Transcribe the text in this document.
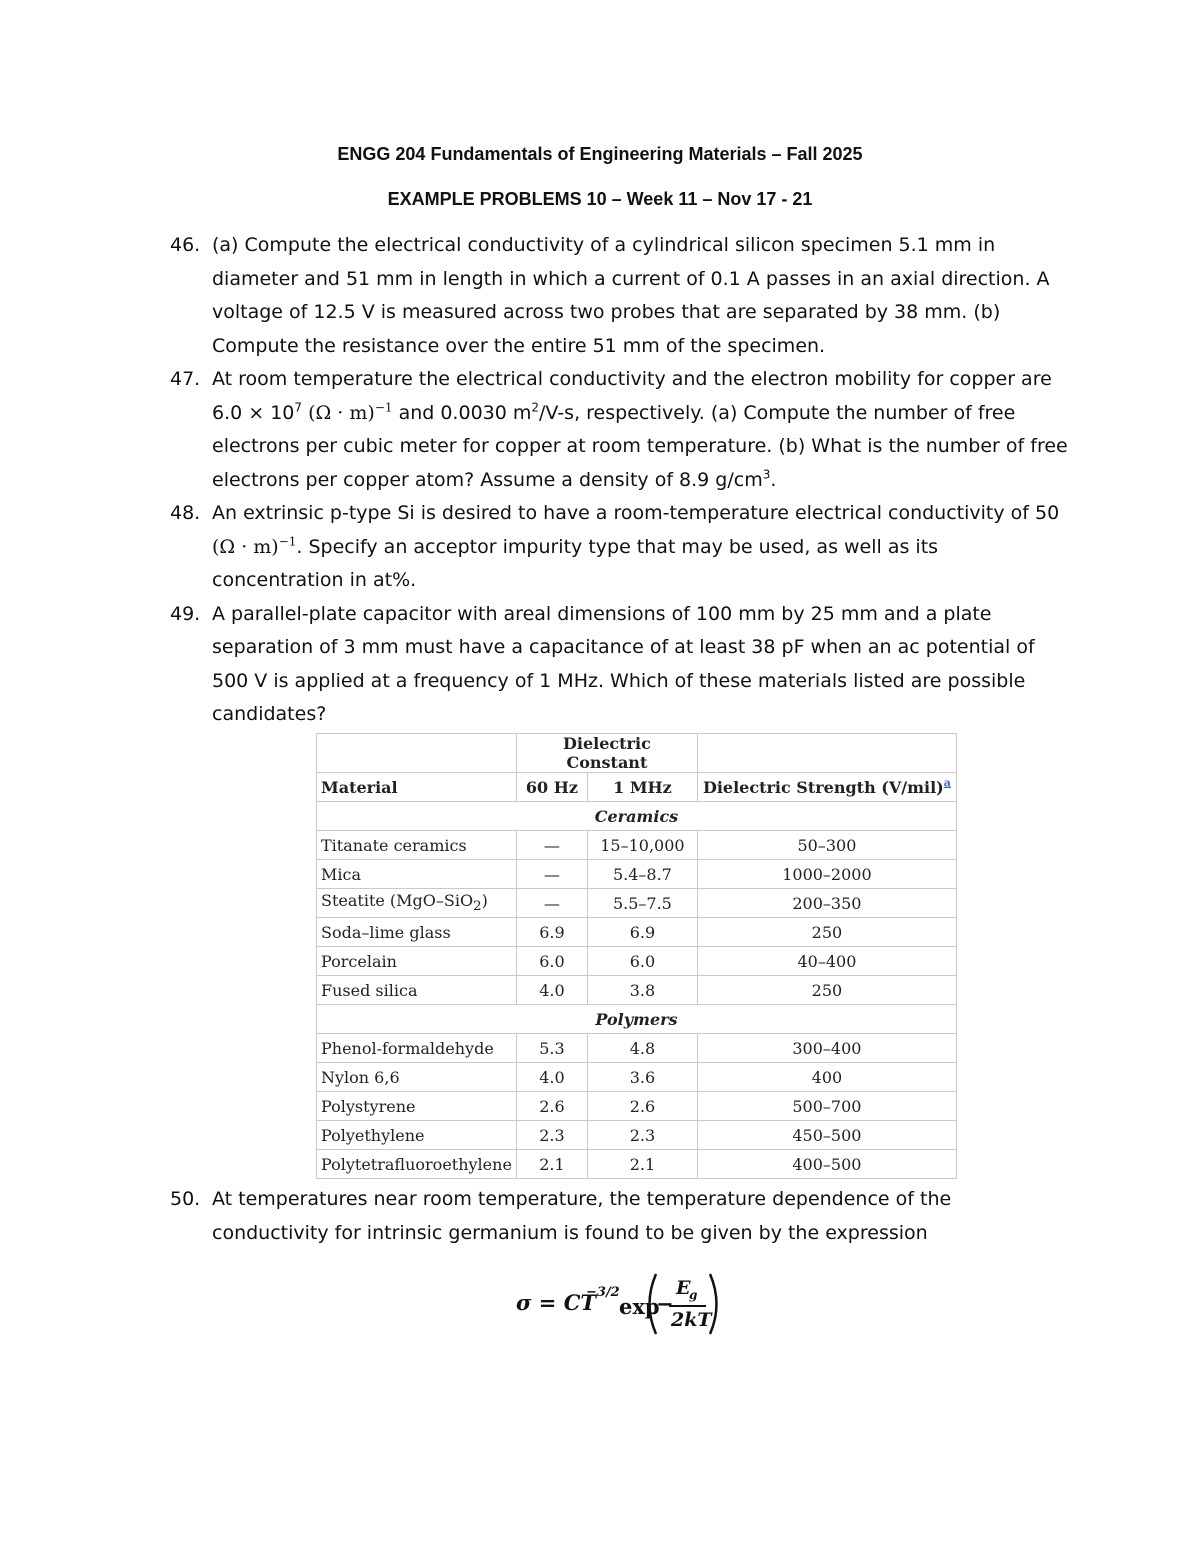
ENGG 204 Fundamentals of Engineering Materials – Fall 2025
EXAMPLE PROBLEMS 10 – Week 11 – Nov 17 - 21
46. (a) Compute the electrical conductivity of a cylindrical silicon specimen 5.1 mm in diameter and 51 mm in length in which a current of 0.1 A passes in an axial direction. A voltage of 12.5 V is measured across two probes that are separated by 38 mm. (b) Compute the resistance over the entire 51 mm of the specimen.
47. At room temperature the electrical conductivity and the electron mobility for copper are $6.0 \times 10^7$ $(\Omega \cdot m)^{-1}$ and 0.0030 $m^2/V-s$, respectively. (a) Compute the number of free electrons per cubic meter for copper at room temperature. (b) What is the number of free electrons per copper atom? Assume a density of 8.9 $g/cm^3$.
48. An extrinsic p-type Si is desired to have a room-temperature electrical conductivity of 50 $(\Omega \cdot m)^{-1}$. Specify an acceptor impurity type that may be used, as well as its concentration in at%.
49. A parallel-plate capacitor with areal dimensions of 100 mm by 25 mm and a plate separation of 3 mm must have a capacitance of at least 38 pF when an ac potential of 500 V is applied at a frequency of 1 MHz. Which of these materials listed are possible candidates?
	Dielectric Constant		
Material	60 Hz	1 MHz	Dielectric Strength (V/mil)$^a$
Ceramics			
Titanate ceramics	—	15–10,000	50–300
Mica	—	5.4–8.7	1000–2000
Steatite (MgO–SiO$_2$)	—	5.5–7.5	200–350
Soda–lime glass	6.9	6.9	250
Porcelain	6.0	6.0	40–400
Fused silica	4.0	3.8	250
Polymers			
Phenol-formaldehyde	5.3	4.8	300–400
Nylon 6,6	4.0	3.6	400
Polystyrene	2.6	2.6	500–700
Polyethylene	2.3	2.3	450–500
Polytetrafluoroethylene	2.1	2.1	400–500
50. At temperatures near room temperature, the temperature dependence of the conductivity for intrinsic germanium is found to be given by the expression
σ = CT
−3/2
exp
−
E
g
2kT
